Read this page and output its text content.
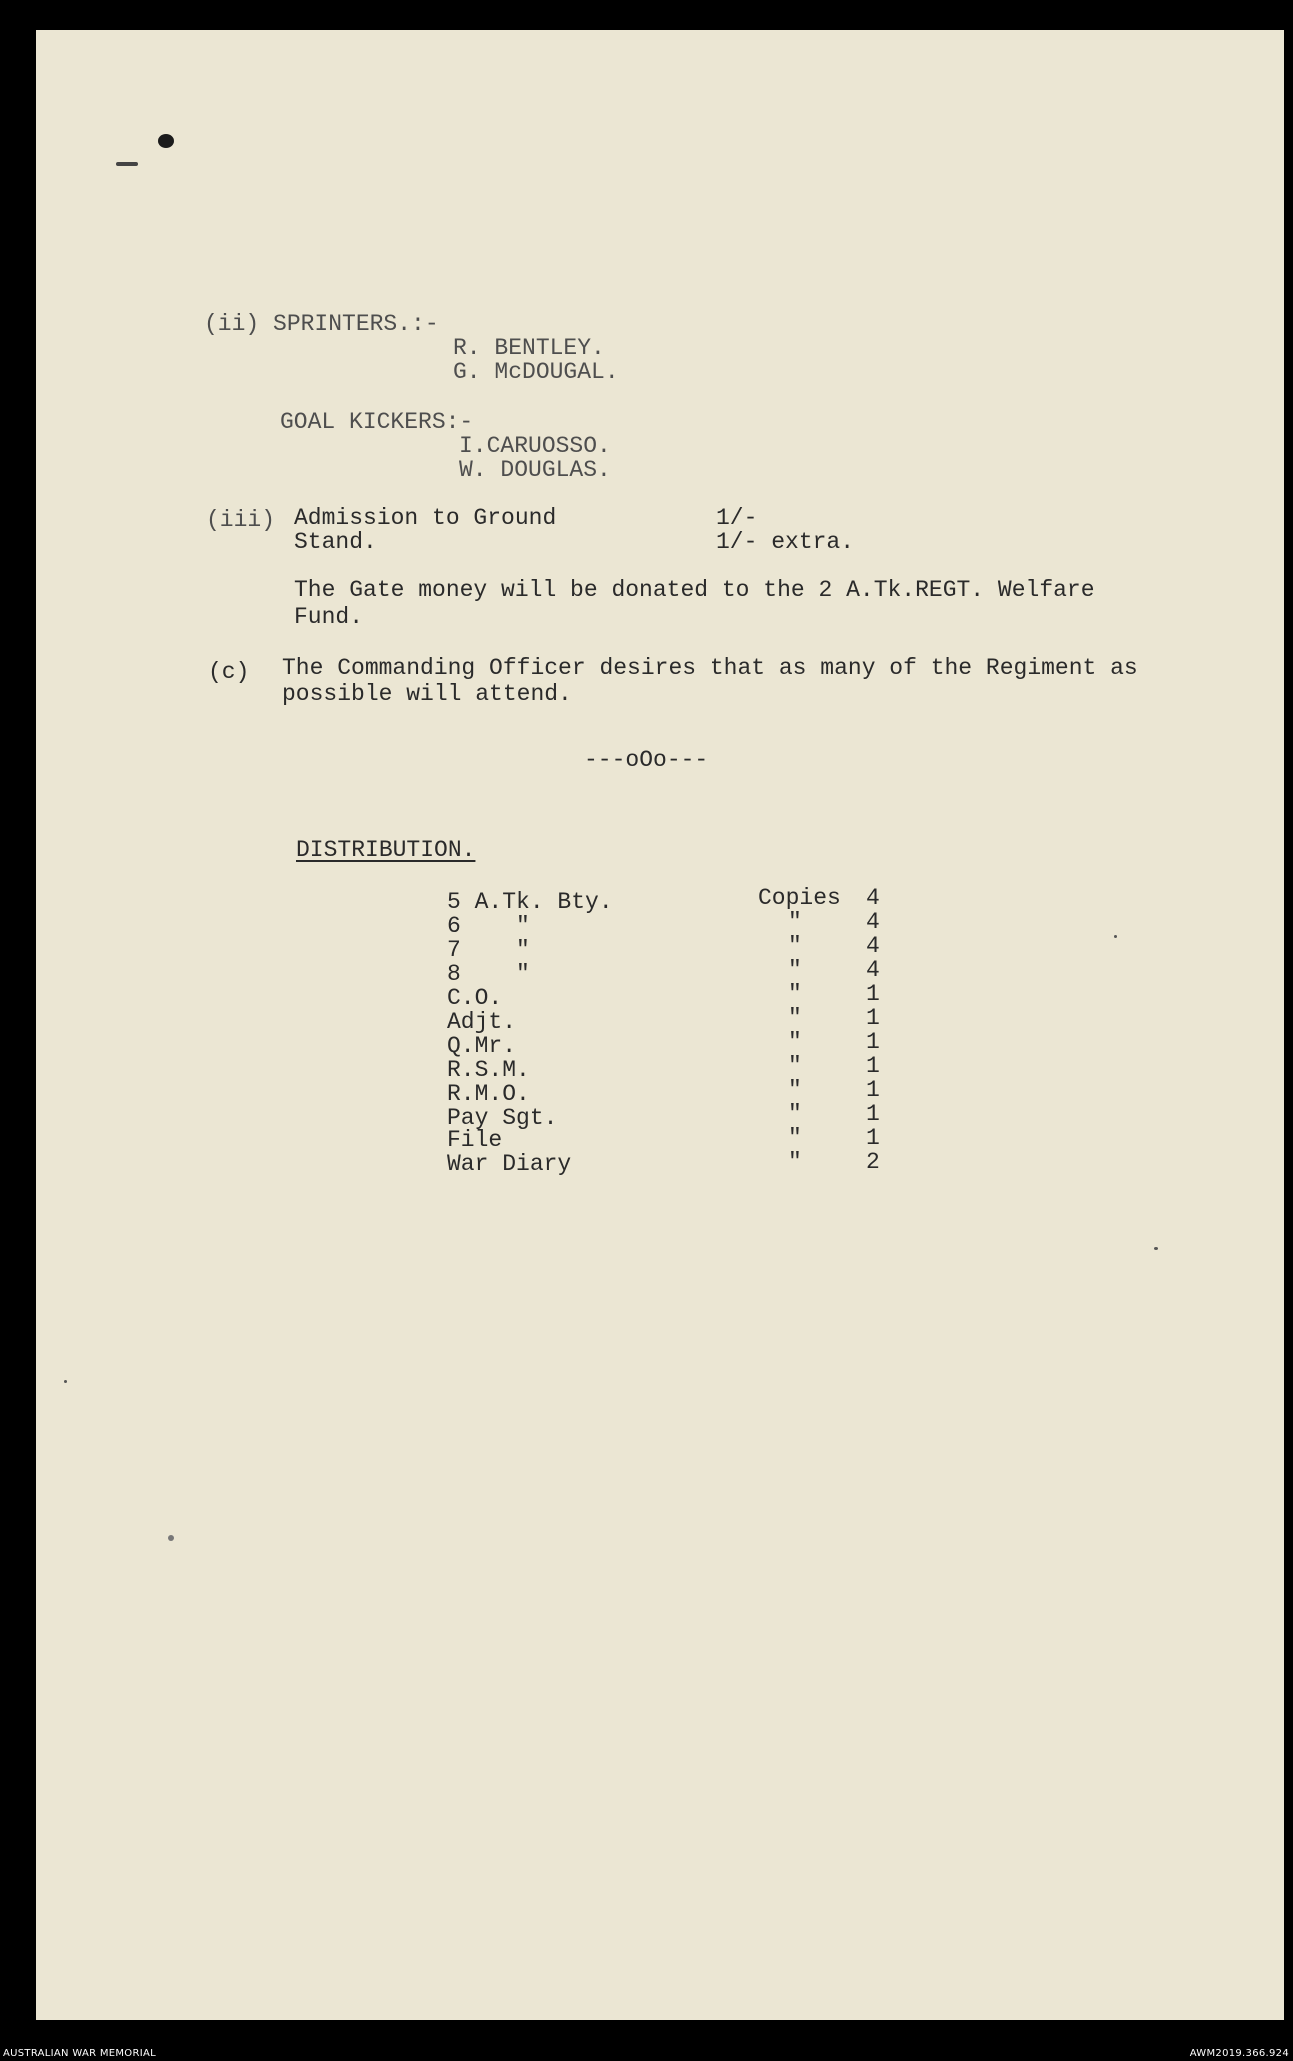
(ii) SPRINTERS.:-
R. BENTLEY.
G. McDOUGAL.
GOAL KICKERS:-
I.CARUOSSO.
W. DOUGLAS.
(iii) Admission to Ground	1/-
Stand.	1/- extra.
The Gate money will be donated to the 2 A.Tk.REGT. Welfare
Fund.
(c) The Commanding Officer desires that as many of the Regiment as
possible will attend.
---oOo---
DISTRIBUTION.
5 A.Tk. Bty.	Copies 4
6    "	"	4
7    "	"	4
8    "	"	4
C.O.	"	1
Adjt.	"	1
Q.Mr.	"	1
R.S.M.	"	1
R.M.O.	"	1
Pay Sgt.	"	1
File	"	1
War Diary	"	2
AUSTRALIAN WAR MEMORIAL	AWM2019.366.924
